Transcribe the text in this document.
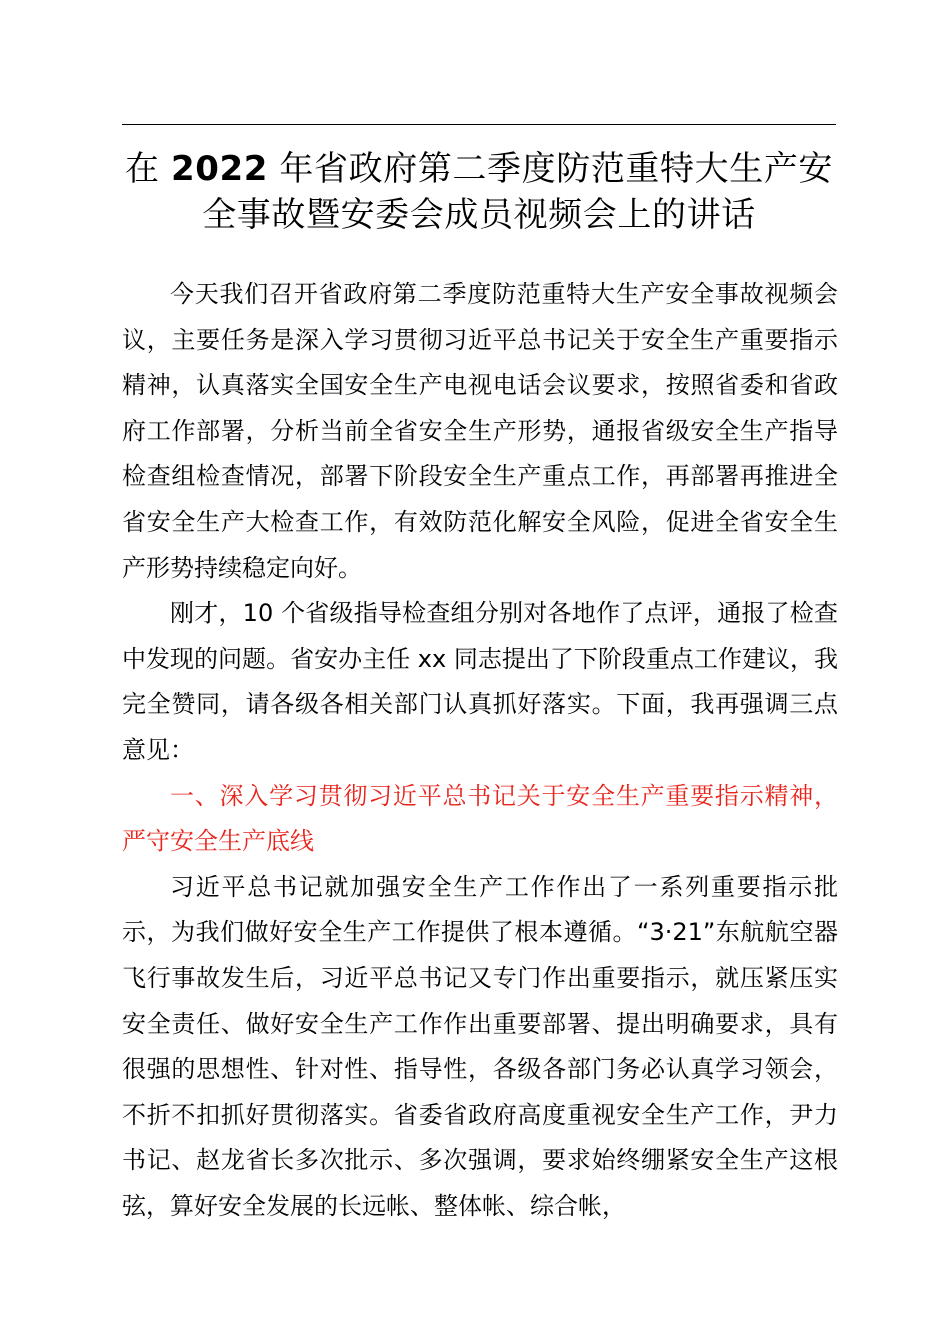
在 2022 年省政府第二季度防范重特大生产安
全事故暨安委会成员视频会上的讲话

今天我们召开省政府第二季度防范重特大生产安全事故视频会议，主要任务是深入学习贯彻习近平总书记关于安全生产重要指示精神，认真落实全国安全生产电视电话会议要求，按照省委和省政府工作部署，分析当前全省安全生产形势，通报省级安全生产指导检查组检查情况，部署下阶段安全生产重点工作，再部署再推进全省安全生产大检查工作，有效防范化解安全风险，促进全省安全生产形势持续稳定向好。

刚才，10 个省级指导检查组分别对各地作了点评，通报了检查中发现的问题。省安办主任 xx 同志提出了下阶段重点工作建议，我完全赞同，请各级各相关部门认真抓好落实。下面，我再强调三点意见：

一、深入学习贯彻习近平总书记关于安全生产重要指示精神，严守安全生产底线

习近平总书记就加强安全生产工作作出了一系列重要指示批示，为我们做好安全生产工作提供了根本遵循。“3·21”东航航空器飞行事故发生后，习近平总书记又专门作出重要指示，就压紧压实安全责任、做好安全生产工作作出重要部署、提出明确要求，具有很强的思想性、针对性、指导性，各级各部门务必认真学习领会，不折不扣抓好贯彻落实。省委省政府高度重视安全生产工作，尹力书记、赵龙省长多次批示、多次强调，要求始终绷紧安全生产这根弦，算好安全发展的长远帐、整体帐、综合帐，
